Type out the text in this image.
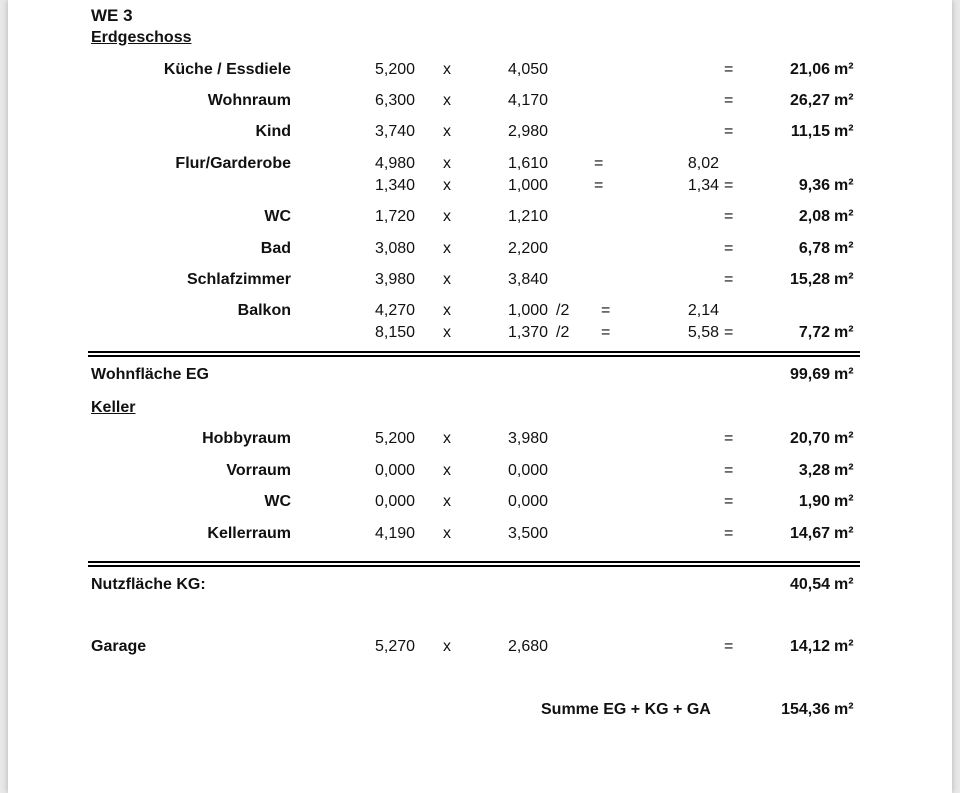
WE 3
Erdgeschoss
Küche / Essdiele	5,200 x	4,050	=	21,06 m²
Wohnraum	6,300 x	4,170	=	26,27 m²
Kind	3,740 x	2,980	=	11,15 m²
Flur/Garderobe	4,980 x	1,610	=	8,02
1,340 x	1,000	=	1,34 =	9,36 m²
WC	1,720 x	1,210	=	2,08 m²
Bad	3,080 x	2,200	=	6,78 m²
Schlafzimmer	3,980 x	3,840	=	15,28 m²
Balkon	4,270 x	1,000 /2 =	2,14
8,150 x	1,370 /2 =	5,58 =	7,72 m²
Wohnfläche EG	99,69 m²
Keller
Hobbyraum	5,200 x	3,980	=	20,70 m²
Vorraum	0,000 x	0,000	=	3,28 m²
WC	0,000 x	0,000	=	1,90 m²
Kellerraum	4,190 x	3,500	=	14,67 m²
Nutzfläche KG:	40,54 m²
Garage	5,270 x	2,680	=	14,12 m²
Summe EG + KG + GA	154,36 m²
